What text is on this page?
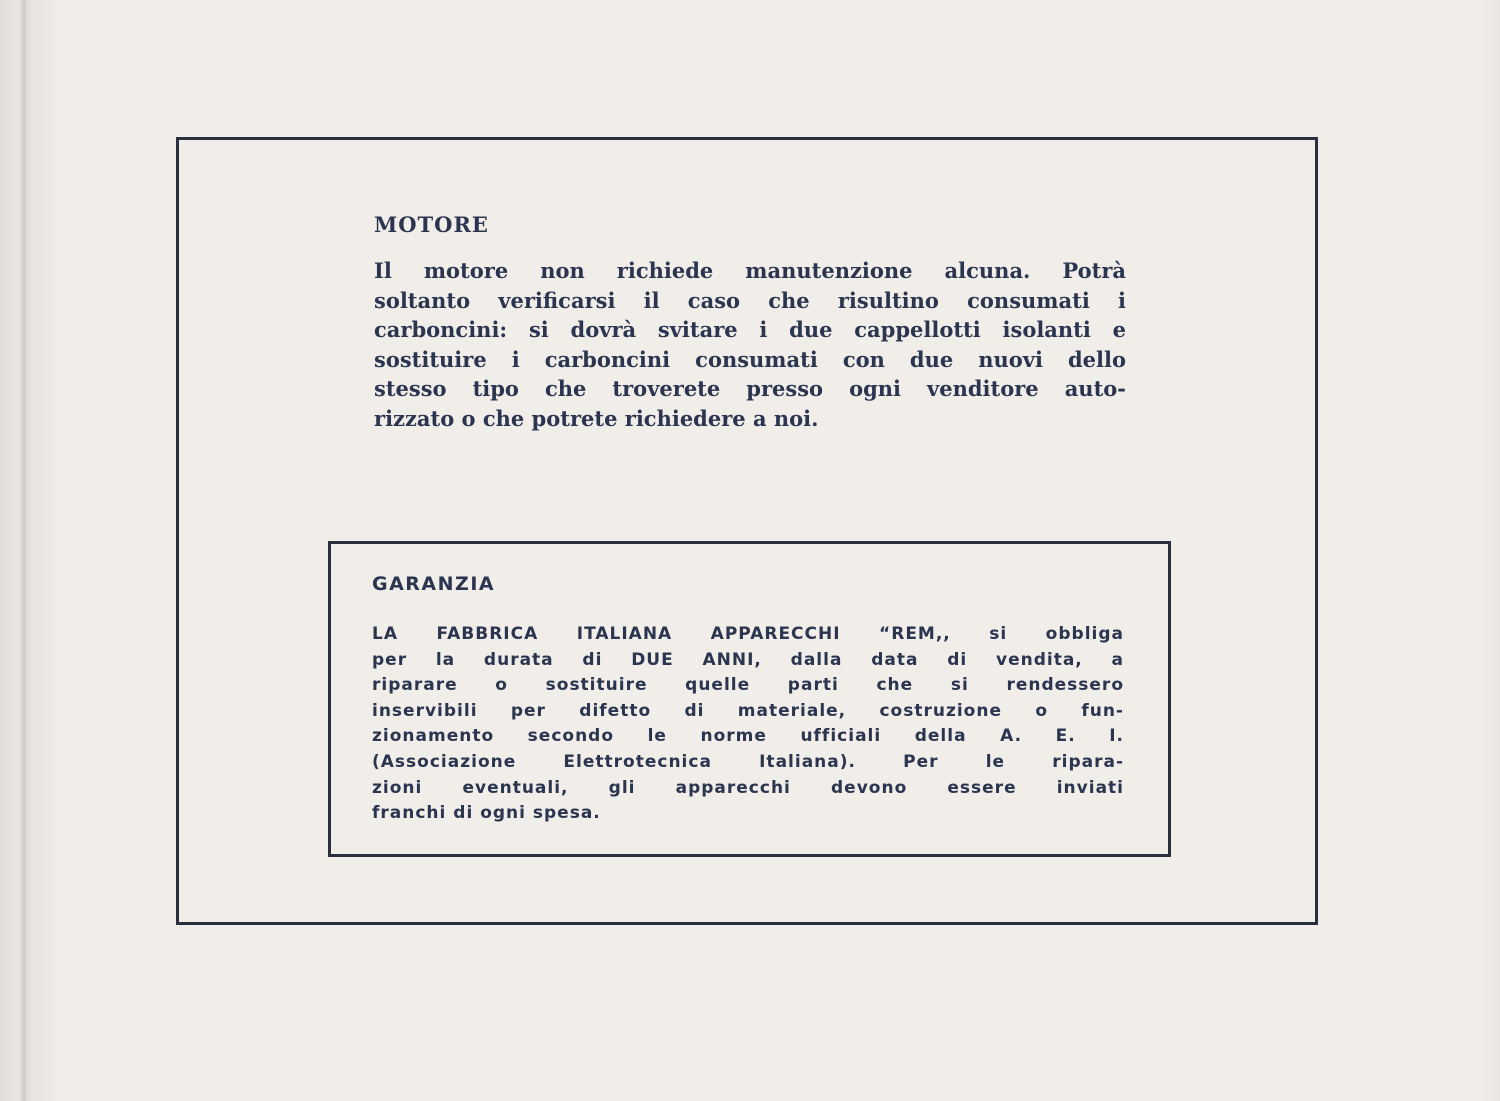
MOTORE
Il motore non richiede manutenzione alcuna. Potrà
soltanto verificarsi il caso che risultino consumati i
carboncini: si dovrà svitare i due cappellotti isolanti e
sostituire i carboncini consumati con due nuovi dello
stesso tipo che troverete presso ogni venditore auto-
rizzato o che potrete richiedere a noi.
GARANZIA
LA FABBRICA ITALIANA APPARECCHI “REM,, si obbliga
per la durata di DUE ANNI, dalla data di vendita, a
riparare o sostituire quelle parti che si rendessero
inservibili per difetto di materiale, costruzione o fun-
zionamento secondo le norme ufficiali della A. E. I.
(Associazione Elettrotecnica Italiana). Per le ripara-
zioni eventuali, gli apparecchi devono essere inviati
franchi di ogni spesa.
